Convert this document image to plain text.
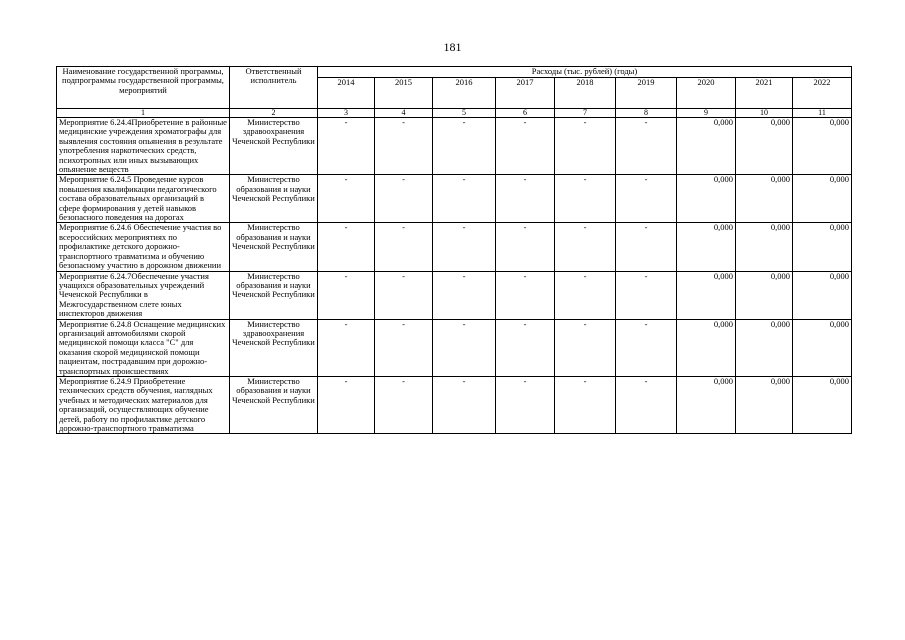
181
Наименование государственной программы, подпрограммы государственной программы, мероприятий	Ответственный исполнитель	Расходы (тыс. рублей) (годы)								
		2014	2015	2016	2017	2018	2019	2020	2021	2022
1	2	3	4	5	6	7	8	9	10	11
Мероприятие 6.24.4Приобретение в районные медицинские учреждения хроматографы для выявления состояния опьянения в результате употребления наркотических средств, психотропных или иных вызывающих опьянение веществ	Министерство здравоохранения Чеченской Республики	-	-	-	-	-	-	0,000	0,000	0,000
Мероприятие 6.24.5 Проведение курсов повышения квалификации педагогического состава образовательных организаций в сфере формирования у детей навыков безопасного поведения на дорогах	Министерство образования и науки Чеченской Республики	-	-	-	-	-	-	0,000	0,000	0,000
Мероприятие 6.24.6 Обеспечение участия во всероссийских мероприятиях по профилактике детского дорожно-транспортного травматизма и обучению безопасному участию в дорожном движении	Министерство образования и науки Чеченской Республики	-	-	-	-	-	-	0,000	0,000	0,000
Мероприятие 6.24.7Обеспечение участия учащихся образовательных учреждений Чеченской Республики в Межгосударственном слете юных инспекторов движения	Министерство образования и науки Чеченской Республики	-	-	-	-	-	-	0,000	0,000	0,000
Мероприятие 6.24.8 Оснащение медицинских организаций автомобилями скорой медицинской помощи класса "С" для оказания скорой медицинской помощи пациентам, пострадавшим при дорожно-транспортных происшествиях	Министерство здравоохранения Чеченской Республики	-	-	-	-	-	-	0,000	0,000	0,000
Мероприятие 6.24.9 Приобретение технических средств обучения, наглядных учебных и методических материалов для организаций, осуществляющих обучение детей, работу по профилактике детского дорожно-транспортного травматизма	Министерство образования и науки Чеченской Республики	-	-	-	-	-	-	0,000	0,000	0,000
